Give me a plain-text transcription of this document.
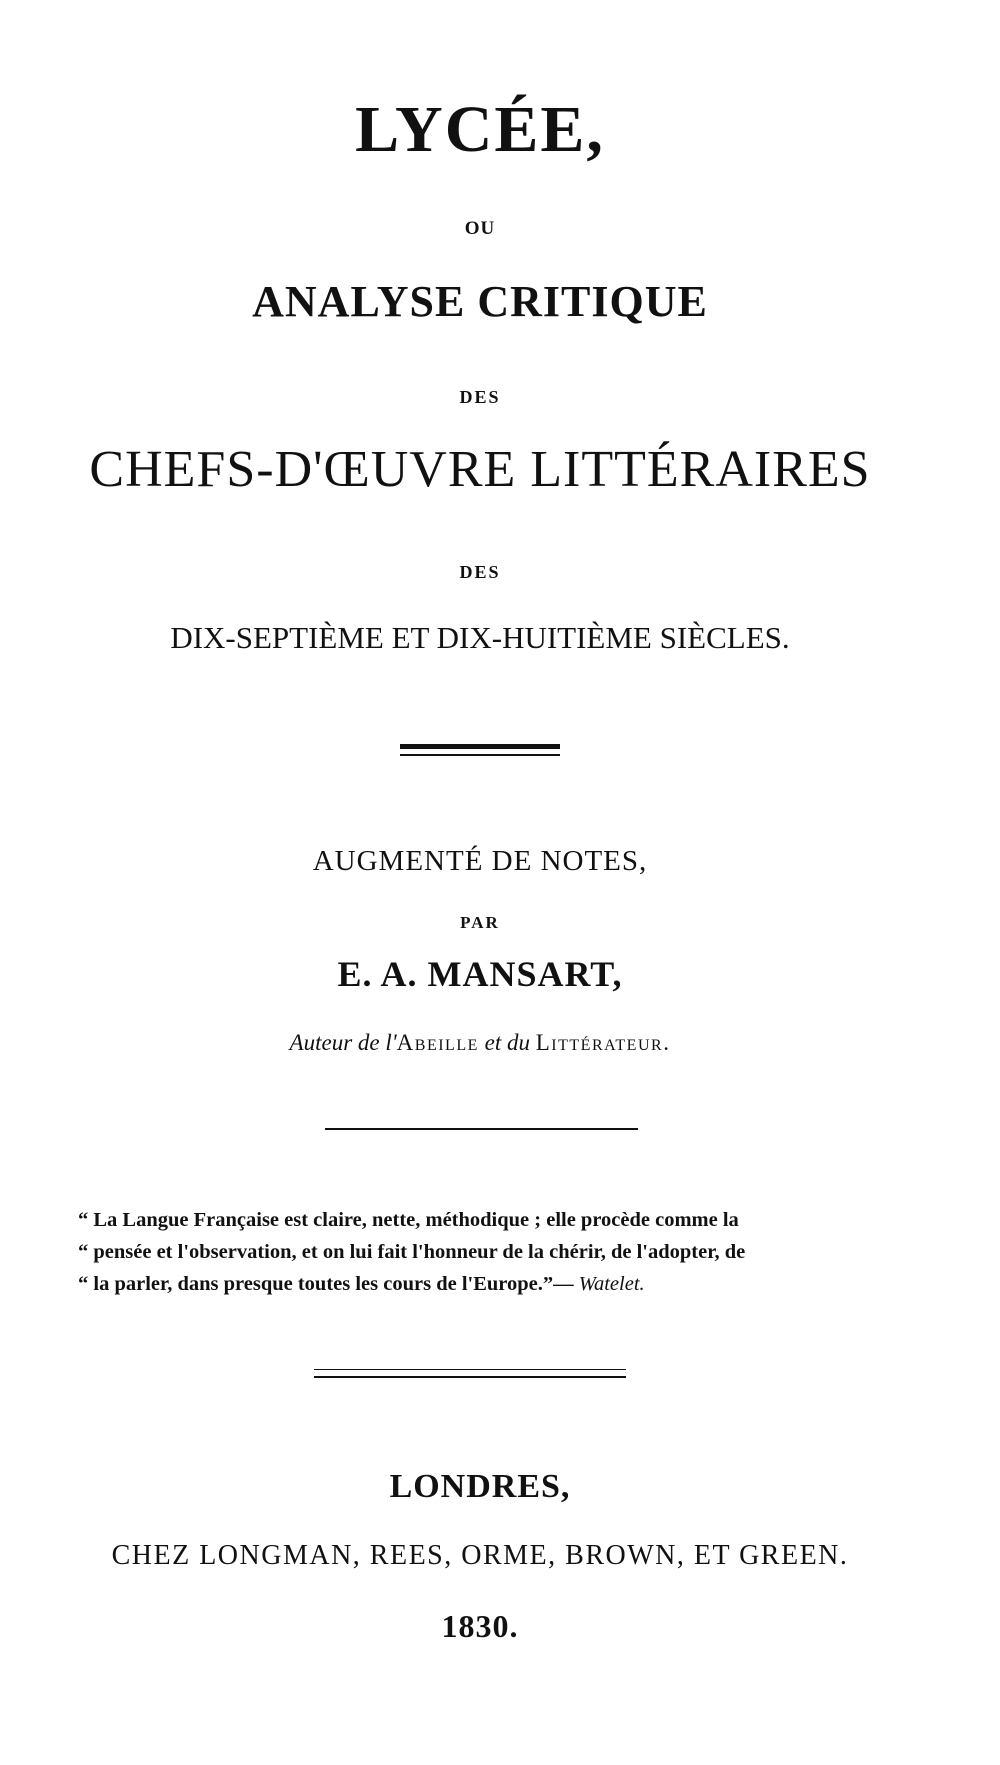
LYCÉE,
OU
ANALYSE CRITIQUE
DES
CHEFS-D'ŒUVRE LITTÉRAIRES
DES
DIX-SEPTIÈME ET DIX-HUITIÈME SIÈCLES.
AUGMENTÉ DE NOTES,
PAR
E. A. MANSART,
Auteur de l'Abeille et du Littérateur.
“ La Langue Française est claire, nette, méthodique ; elle procède comme la
“ pensée et l'observation, et on lui fait l'honneur de la chérir, de l'adopter, de
“ la parler, dans presque toutes les cours de l'Europe.”— Watelet.
LONDRES,
CHEZ LONGMAN, REES, ORME, BROWN, ET GREEN.
1830.
